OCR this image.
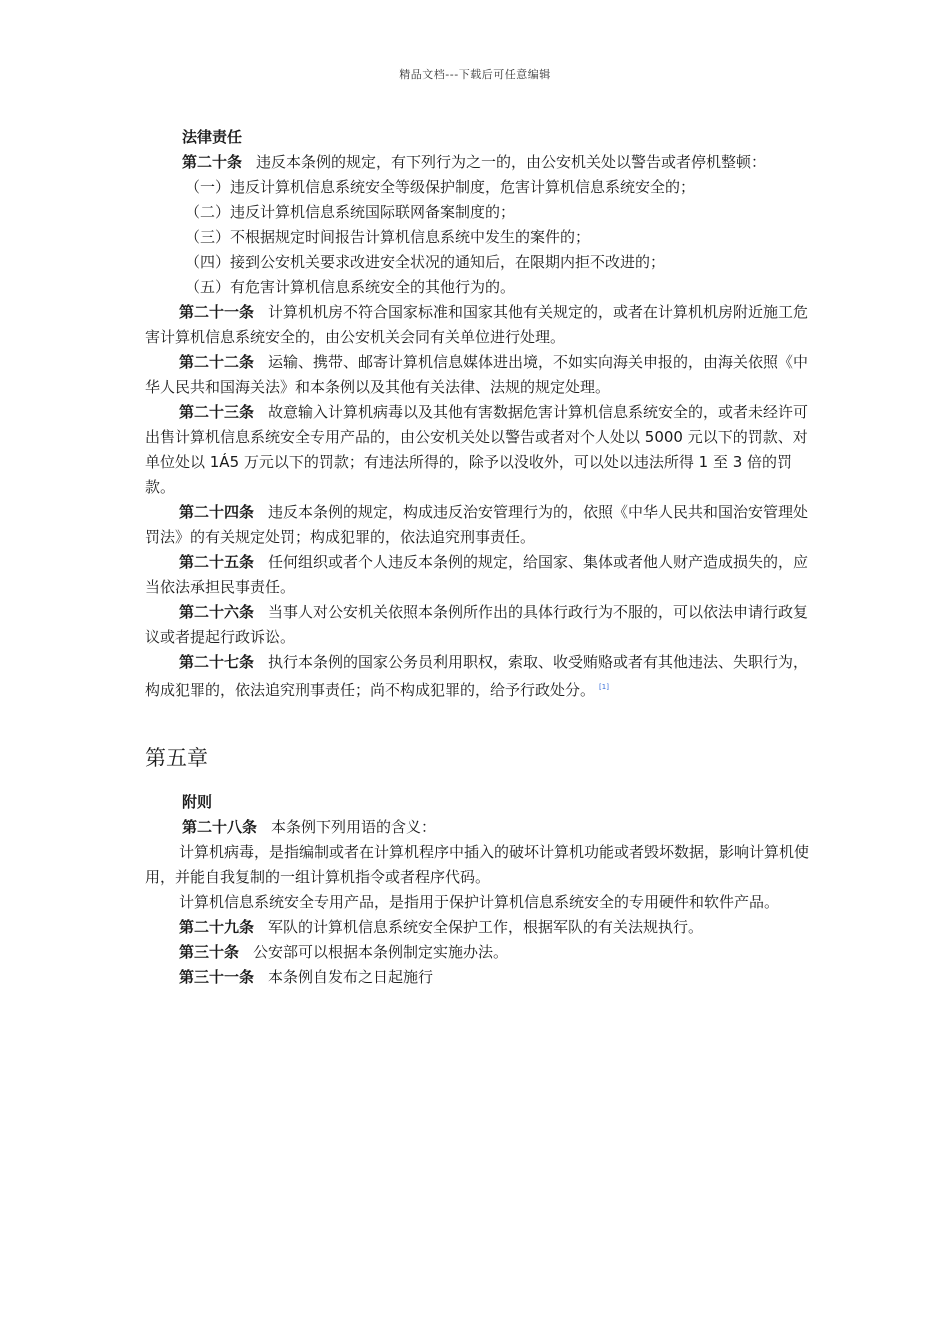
精品文档---下载后可任意编辑
法律责任

第二十条 违反本条例的规定，有下列行为之一的，由公安机关处以警告或者停机整顿：

（一）违反计算机信息系统安全等级保护制度，危害计算机信息系统安全的；
（二）违反计算机信息系统国际联网备案制度的；
（三）不根据规定时间报告计算机信息系统中发生的案件的；
（四）接到公安机关要求改进安全状况的通知后，在限期内拒不改进的；
（五）有危害计算机信息系统安全的其他行为的。

第二十一条 计算机机房不符合国家标准和国家其他有关规定的，或者在计算机机房附近施工危害计算机信息系统安全的，由公安机关会同有关单位进行处理。

第二十二条 运输、携带、邮寄计算机信息媒体进出境，不如实向海关申报的，由海关依照《中华人民共和国海关法》和本条例以及其他有关法律、法规的规定处理。

第二十三条 故意输入计算机病毒以及其他有害数据危害计算机信息系统安全的，或者未经许可出售计算机信息系统安全专用产品的，由公安机关处以警告或者对个人处以 5000 元以下的罚款、对单位处以 1Á5 万元以下的罚款；有违法所得的，除予以没收外，可以处以违法所得 1 至 3 倍的罚款。

第二十四条 违反本条例的规定，构成违反治安管理行为的，依照《中华人民共和国治安管理处罚法》的有关规定处罚；构成犯罪的，依法追究刑事责任。

第二十五条 任何组织或者个人违反本条例的规定，给国家、集体或者他人财产造成损失的，应当依法承担民事责任。

第二十六条 当事人对公安机关依照本条例所作出的具体行政行为不服的，可以依法申请行政复议或者提起行政诉讼。

第二十七条 执行本条例的国家公务员利用职权，索取、收受贿赂或者有其他违法、失职行为，构成犯罪的，依法追究刑事责任；尚不构成犯罪的，给予行政处分。 [1]

第五章
附则

第二十八条 本条例下列用语的含义：

计算机病毒，是指编制或者在计算机程序中插入的破坏计算机功能或者毁坏数据，影响计算机使用，并能自我复制的一组计算机指令或者程序代码。

计算机信息系统安全专用产品，是指用于保护计算机信息系统安全的专用硬件和软件产品。

第二十九条 军队的计算机信息系统安全保护工作，根据军队的有关法规执行。

第三十条 公安部可以根据本条例制定实施办法。

第三十一条 本条例自发布之日起施行
